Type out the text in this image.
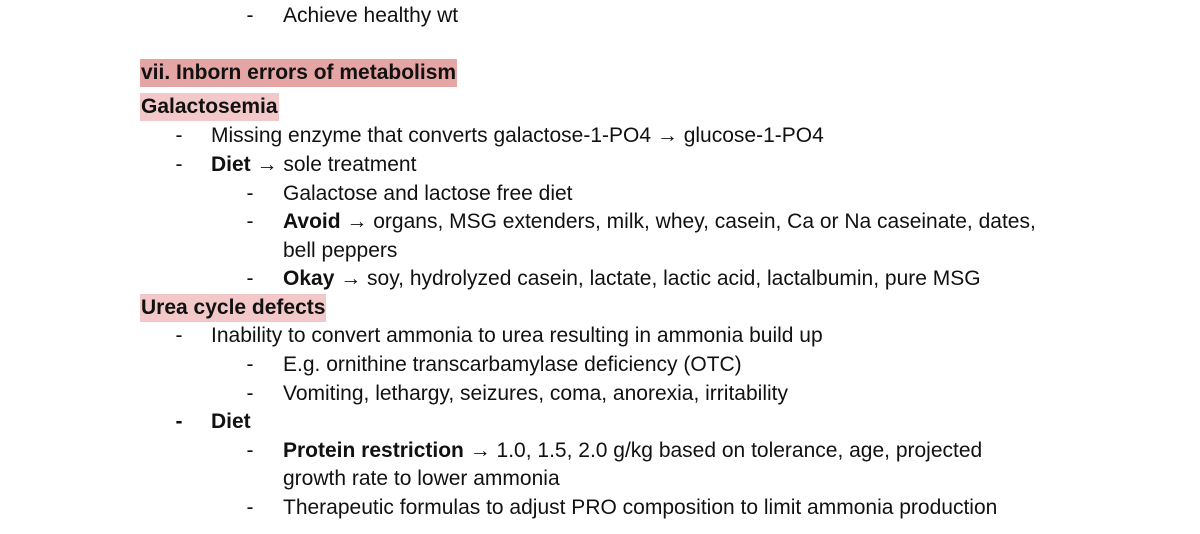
- Achieve healthy wt
vii. Inborn errors of metabolism
Galactosemia
- Missing enzyme that converts galactose-1-PO4 → glucose-1-PO4
- Diet → sole treatment
- Galactose and lactose free diet
- Avoid → organs, MSG extenders, milk, whey, casein, Ca or Na caseinate, dates,
bell peppers
- Okay → soy, hydrolyzed casein, lactate, lactic acid, lactalbumin, pure MSG
Urea cycle defects
- Inability to convert ammonia to urea resulting in ammonia build up
- E.g. ornithine transcarbamylase deficiency (OTC)
- Vomiting, lethargy, seizures, coma, anorexia, irritability
- Diet
- Protein restriction → 1.0, 1.5, 2.0 g/kg based on tolerance, age, projected
growth rate to lower ammonia
- Therapeutic formulas to adjust PRO composition to limit ammonia production
